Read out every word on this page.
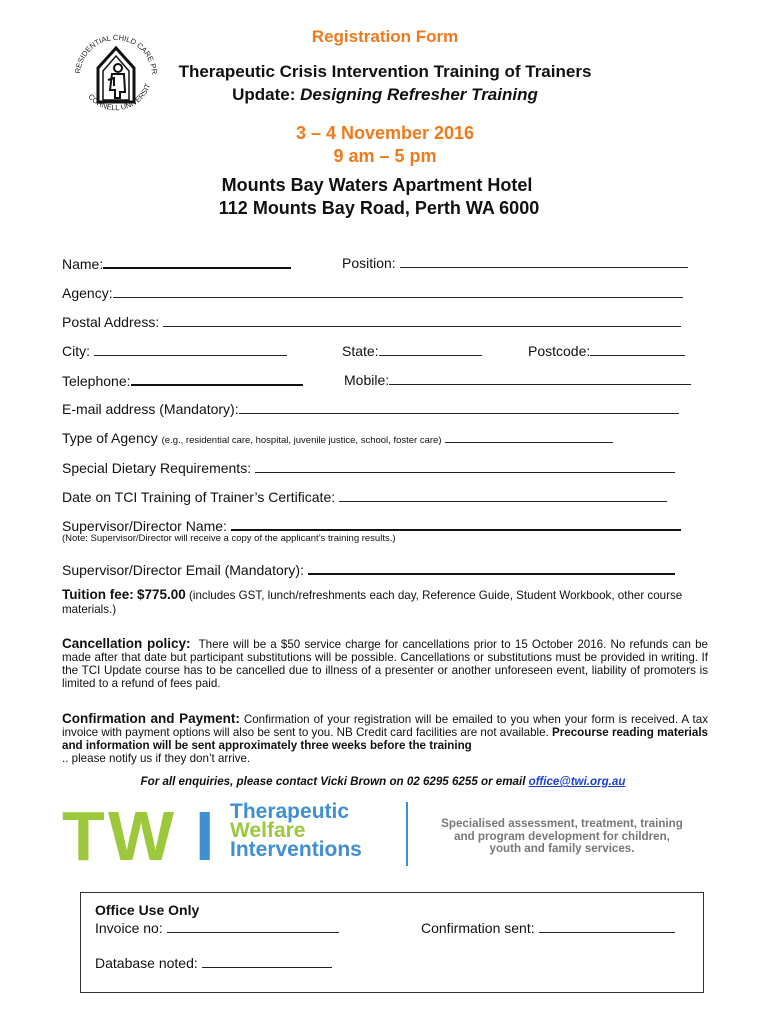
RESIDENTIAL CHILD CARE PR
CORNELL UNIVERSIT
Registration Form
Therapeutic Crisis Intervention Training of Trainers
Update: Designing Refresher Training
3 – 4 November 2016
9 am – 5 pm
Mounts Bay Waters Apartment Hotel
112 Mounts Bay Road, Perth WA 6000
Name:	Position:
Agency:
Postal Address:
City:	State:	Postcode:
Telephone:	Mobile:
E-mail address (Mandatory):
Type of Agency (e.g., residential care, hospital, juvenile justice, school, foster care)
Special Dietary Requirements:
Date on TCI Training of Trainer’s Certificate:
Supervisor/Director Name:
(Note: Supervisor/Director will receive a copy of the applicant’s training results.)
Supervisor/Director Email (Mandatory):
Tuition fee: $775.00 (includes GST, lunch/refreshments each day, Reference Guide, Student Workbook, other course materials.)
Cancellation policy: There will be a $50 service charge for cancellations prior to 15 October 2016. No refunds can be made after that date but participant substitutions will be possible. Cancellations or substitutions must be provided in writing. If the TCI Update course has to be cancelled due to illness of a presenter or another unforeseen event, liability of promoters is limited to a refund of fees paid.
Confirmation and Payment: Confirmation of your registration will be emailed to you when your form is received. A tax invoice with payment options will also be sent to you. NB Credit card facilities are not available. Precourse reading materials and information will be sent approximately three weeks before the training
.. please notify us if they don’t arrive.
For all enquiries, please contact Vicki Brown on 02 6295 6255 or email office@twi.org.au
T W I Therapeutic
Welfare
Interventions
Specialised assessment, treatment, training
and program development for children,
youth and family services.
Office Use Only
Invoice no:	Confirmation sent:
Database noted:
